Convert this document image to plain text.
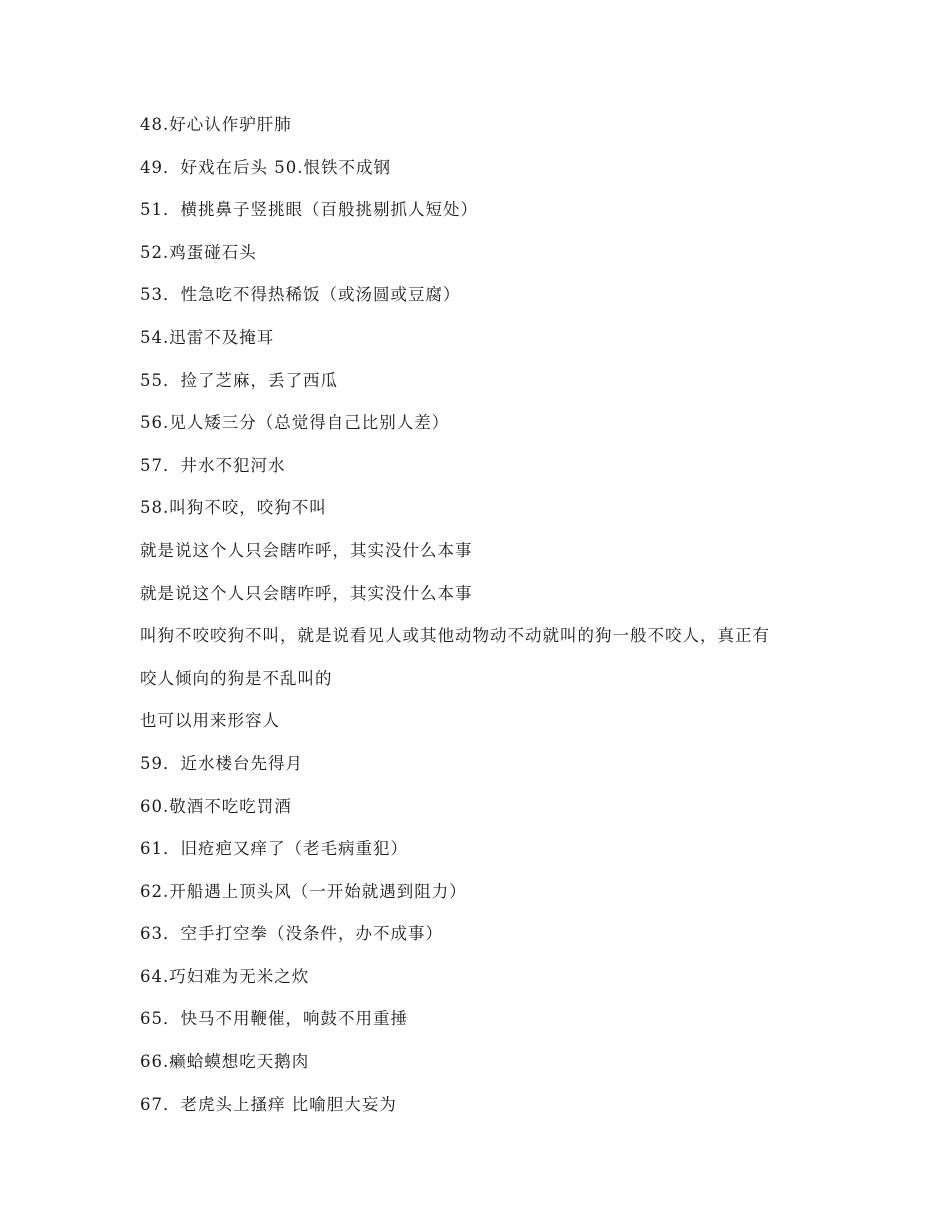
48.好心认作驴肝肺
49．好戏在后头 50.恨铁不成钢
51．横挑鼻子竖挑眼（百般挑剔抓人短处）
52.鸡蛋碰石头
53．性急吃不得热稀饭（或汤圆或豆腐）
54.迅雷不及掩耳
55．捡了芝麻，丢了西瓜
56.见人矮三分（总觉得自己比别人差）
57．井水不犯河水
58.叫狗不咬，咬狗不叫
就是说这个人只会瞎咋呼，其实没什么本事
就是说这个人只会瞎咋呼，其实没什么本事
叫狗不咬咬狗不叫，就是说看见人或其他动物动不动就叫的狗一般不咬人，真正有
咬人倾向的狗是不乱叫的
也可以用来形容人
59．近水楼台先得月
60.敬酒不吃吃罚酒
61．旧疮疤又痒了（老毛病重犯）
62.开船遇上顶头风（一开始就遇到阻力）
63．空手打空拳（没条件，办不成事）
64.巧妇难为无米之炊
65．快马不用鞭催，响鼓不用重捶
66.癞蛤蟆想吃天鹅肉
67．老虎头上搔痒 比喻胆大妄为
